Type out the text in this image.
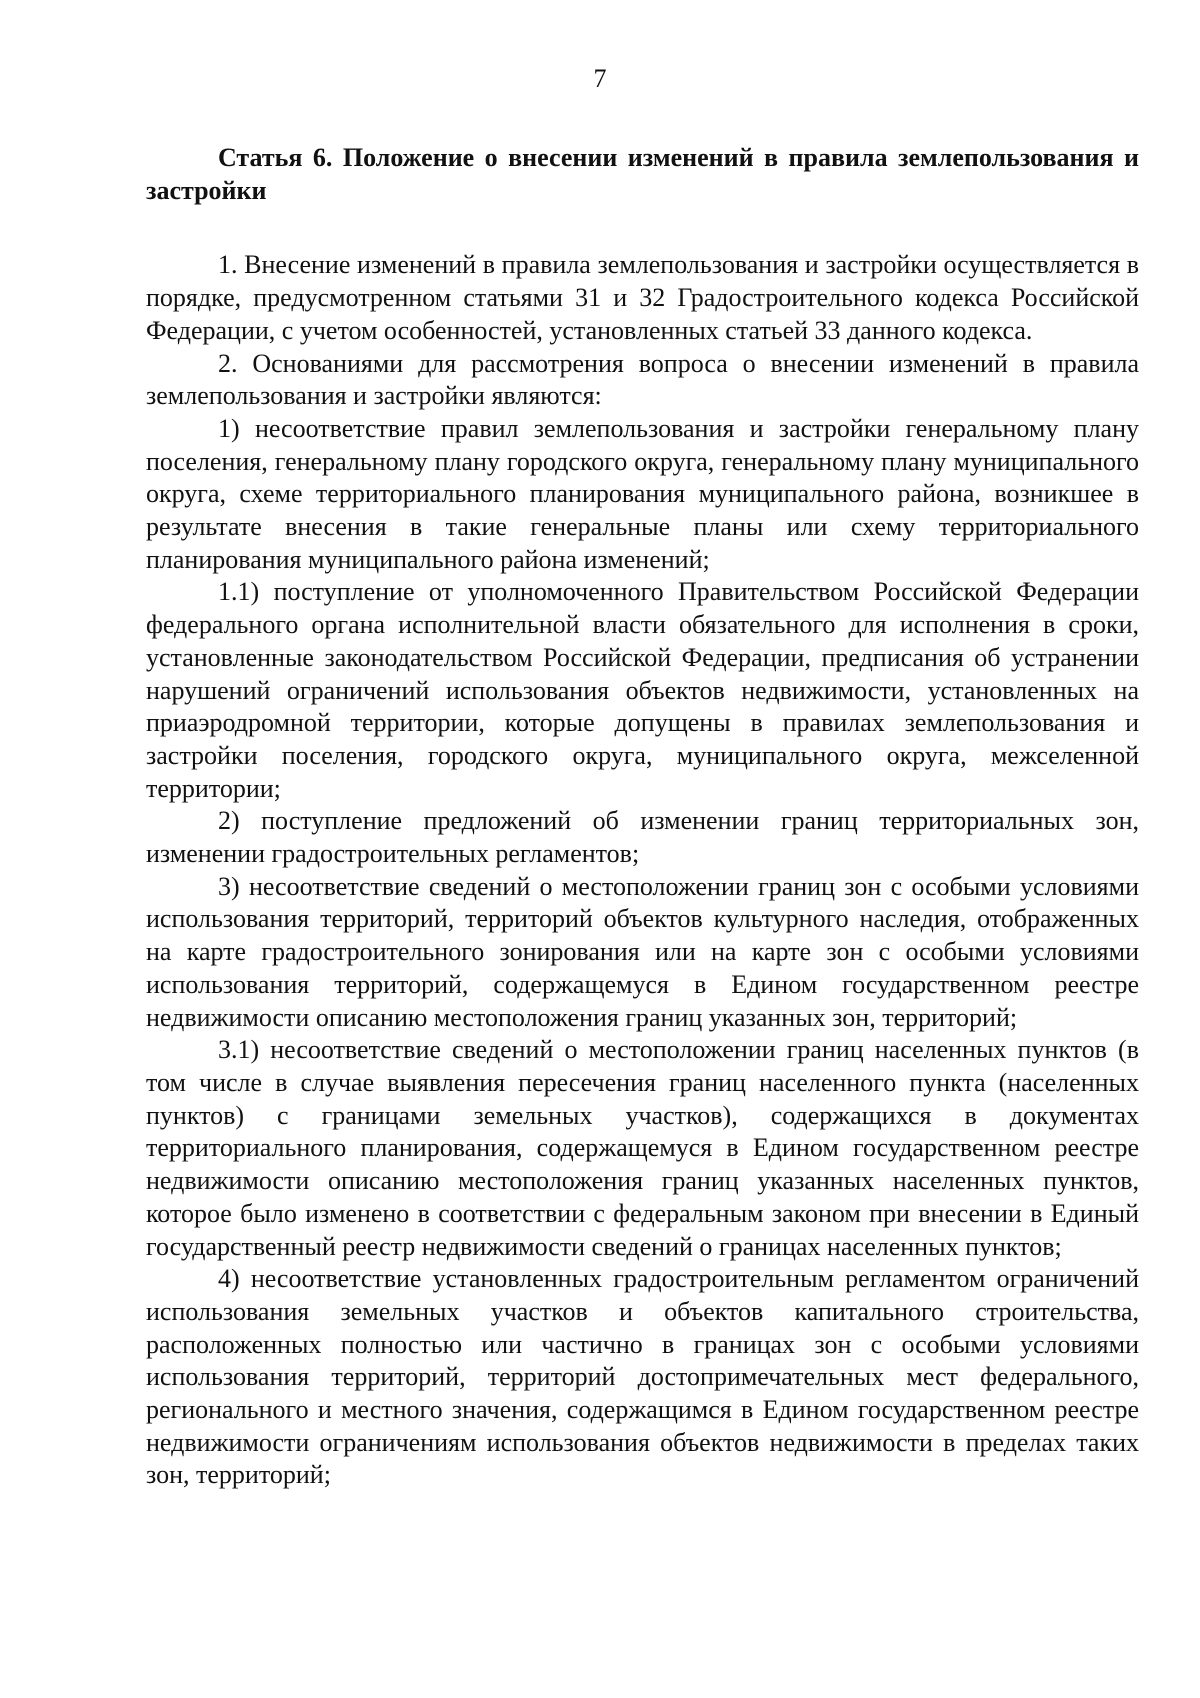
7
Статья 6. Положение о внесении изменений в правила землепользования и застройки

1. Внесение изменений в правила землепользования и застройки осуществляется в порядке, предусмотренном статьями 31 и 32 Градостроительного кодекса Российской Федерации, с учетом особенностей, установленных статьей 33 данного кодекса.

2. Основаниями для рассмотрения вопроса о внесении изменений в правила землепользования и застройки являются:

1) несоответствие правил землепользования и застройки генеральному плану поселения, генеральному плану городского округа, генеральному плану муниципального округа, схеме территориального планирования муниципального района, возникшее в результате внесения в такие генеральные планы или схему территориального планирования муниципального района изменений;

1.1) поступление от уполномоченного Правительством Российской Федерации федерального органа исполнительной власти обязательного для исполнения в сроки, установленные законодательством Российской Федерации, предписания об устранении нарушений ограничений использования объектов недвижимости, установленных на приаэродромной территории, которые допущены в правилах землепользования и застройки поселения, городского округа, муниципального округа, межселенной территории;

2) поступление предложений об изменении границ территориальных зон, изменении градостроительных регламентов;

3) несоответствие сведений о местоположении границ зон с особыми условиями использования территорий, территорий объектов культурного наследия, отображенных на карте градостроительного зонирования или на карте зон с особыми условиями использования территорий, содержащемуся в Едином государственном реестре недвижимости описанию местоположения границ указанных зон, территорий;

3.1) несоответствие сведений о местоположении границ населенных пунктов (в том числе в случае выявления пересечения границ населенного пункта (населенных пунктов) с границами земельных участков), содержащихся в документах территориального планирования, содержащемуся в Едином государственном реестре недвижимости описанию местоположения границ указанных населенных пунктов, которое было изменено в соответствии с федеральным законом при внесении в Единый государственный реестр недвижимости сведений о границах населенных пунктов;

4) несоответствие установленных градостроительным регламентом ограничений использования земельных участков и объектов капитального строительства, расположенных полностью или частично в границах зон с особыми условиями использования территорий, территорий достопримечательных мест федерального, регионального и местного значения, содержащимся в Едином государственном реестре недвижимости ограничениям использования объектов недвижимости в пределах таких зон, территорий;
